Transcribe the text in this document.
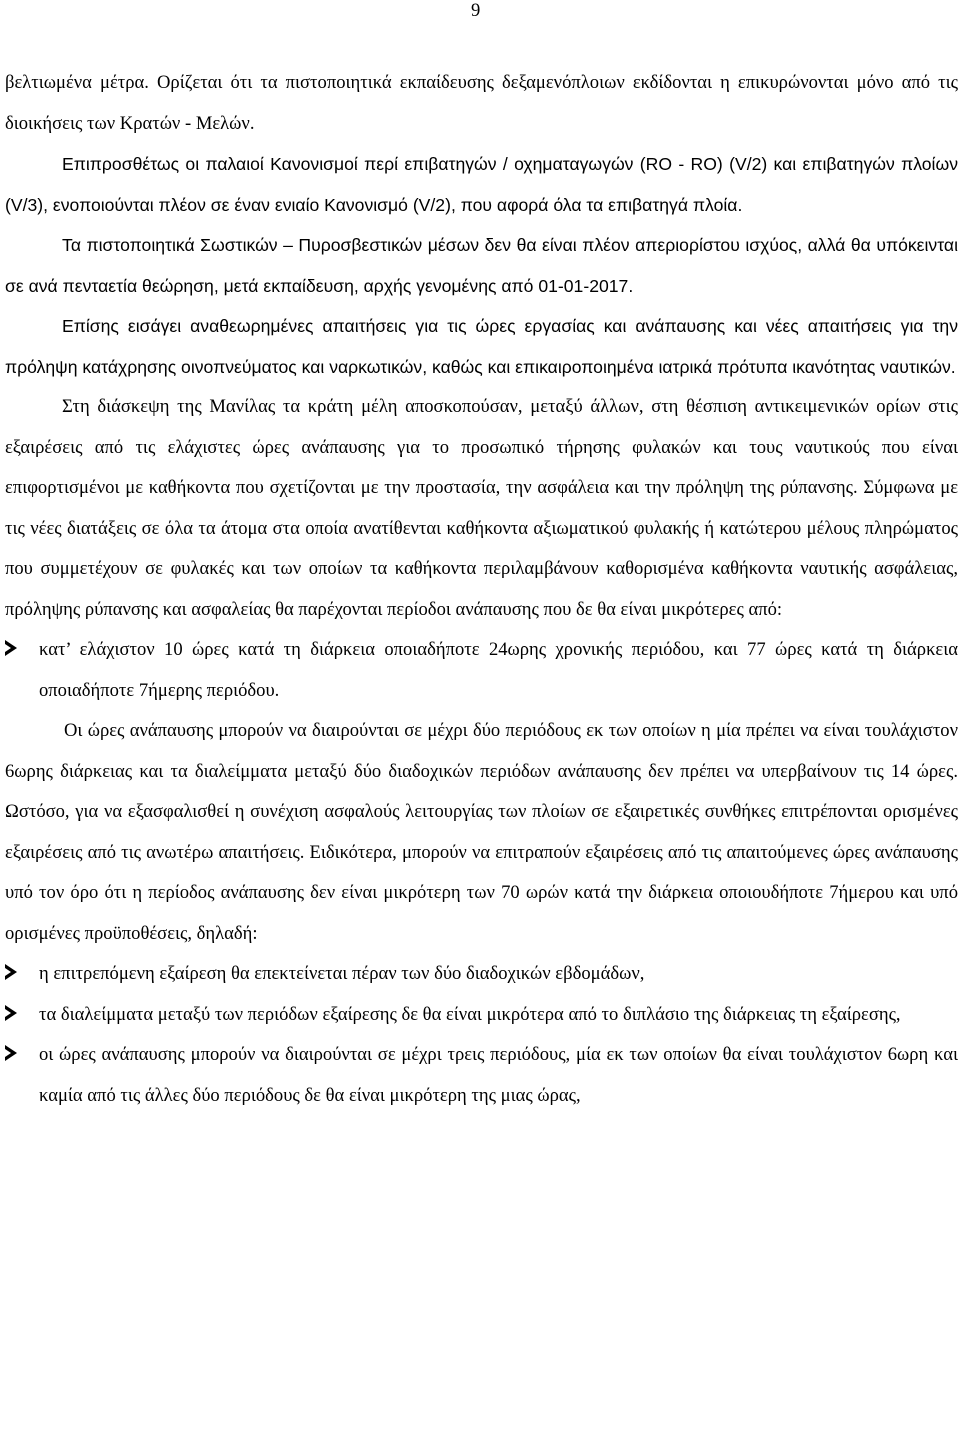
9

βελτιωμένα μέτρα. Ορίζεται ότι τα πιστοποιητικά εκπαίδευσης δεξαμενόπλοιων εκδίδονται η επικυρώνονται μόνο από τις διοικήσεις των Κρατών - Μελών.

Επιπροσθέτως οι παλαιοί Κανονισμοί περί επιβατηγών / οχηματαγωγών (RO - RO) (V/2) και επιβατηγών πλοίων (V/3), ενοποιούνται πλέον σε έναν ενιαίο Κανονισμό (V/2), που αφορά όλα τα επιβατηγά πλοία.

Τα πιστοποιητικά Σωστικών – Πυροσβεστικών μέσων δεν θα είναι πλέον απεριορίστου ισχύος, αλλά θα υπόκεινται σε ανά πενταετία θεώρηση, μετά εκπαίδευση, αρχής γενομένης από 01-01-2017.

Επίσης εισάγει αναθεωρημένες απαιτήσεις για τις ώρες εργασίας και ανάπαυσης και νέες απαιτήσεις για την πρόληψη κατάχρησης οινοπνεύματος και ναρκωτικών, καθώς και επικαιροποιημένα ιατρικά πρότυπα ικανότητας ναυτικών.

Στη διάσκεψη της Μανίλας τα κράτη μέλη αποσκοπούσαν, μεταξύ άλλων, στη θέσπιση αντικειμενικών ορίων στις εξαιρέσεις από τις ελάχιστες ώρες ανάπαυσης για το προσωπικό τήρησης φυλακών και τους ναυτικούς που είναι επιφορτισμένοι με καθήκοντα που σχετίζονται με την προστασία, την ασφάλεια και την πρόληψη της ρύπανσης. Σύμφωνα με τις νέες διατάξεις σε όλα τα άτομα στα οποία ανατίθενται καθήκοντα αξιωματικού φυλακής ή κατώτερου μέλους πληρώματος που συμμετέχουν σε φυλακές και των οποίων τα καθήκοντα περιλαμβάνουν καθορισμένα καθήκοντα ναυτικής ασφάλειας, πρόληψης ρύπανσης και ασφαλείας θα παρέχονται περίοδοι ανάπαυσης που δε θα είναι μικρότερες από:

κατ’ ελάχιστον 10 ώρες κατά τη διάρκεια οποιαδήποτε 24ωρης χρονικής περιόδου, και 77 ώρες κατά τη διάρκεια οποιαδήποτε 7ήμερης περιόδου.

Οι ώρες ανάπαυσης μπορούν να διαιρούνται σε μέχρι δύο περιόδους εκ των οποίων η μία πρέπει να είναι τουλάχιστον 6ωρης διάρκειας και τα διαλείμματα μεταξύ δύο διαδοχικών περιόδων ανάπαυσης δεν πρέπει να υπερβαίνουν τις 14 ώρες. Ωστόσο, για να εξασφαλισθεί η συνέχιση ασφαλούς λειτουργίας των πλοίων σε εξαιρετικές συνθήκες επιτρέπονται ορισμένες εξαιρέσεις από τις ανωτέρω απαιτήσεις. Ειδικότερα, μπορούν να επιτραπούν εξαιρέσεις από τις απαιτούμενες ώρες ανάπαυσης υπό τον όρο ότι η περίοδος ανάπαυσης δεν είναι μικρότερη των 70 ωρών κατά την διάρκεια οποιουδήποτε 7ήμερου και υπό ορισμένες προϋποθέσεις, δηλαδή:

η επιτρεπόμενη εξαίρεση θα επεκτείνεται πέραν των δύο διαδοχικών εβδομάδων,
τα διαλείμματα μεταξύ των περιόδων εξαίρεσης δε θα είναι μικρότερα από το διπλάσιο της διάρκειας τη εξαίρεσης,
οι ώρες ανάπαυσης μπορούν να διαιρούνται σε μέχρι τρεις περιόδους, μία εκ των οποίων θα είναι τουλάχιστον 6ωρη και καμία από τις άλλες δύο περιόδους δε θα είναι μικρότερη της μιας ώρας,
